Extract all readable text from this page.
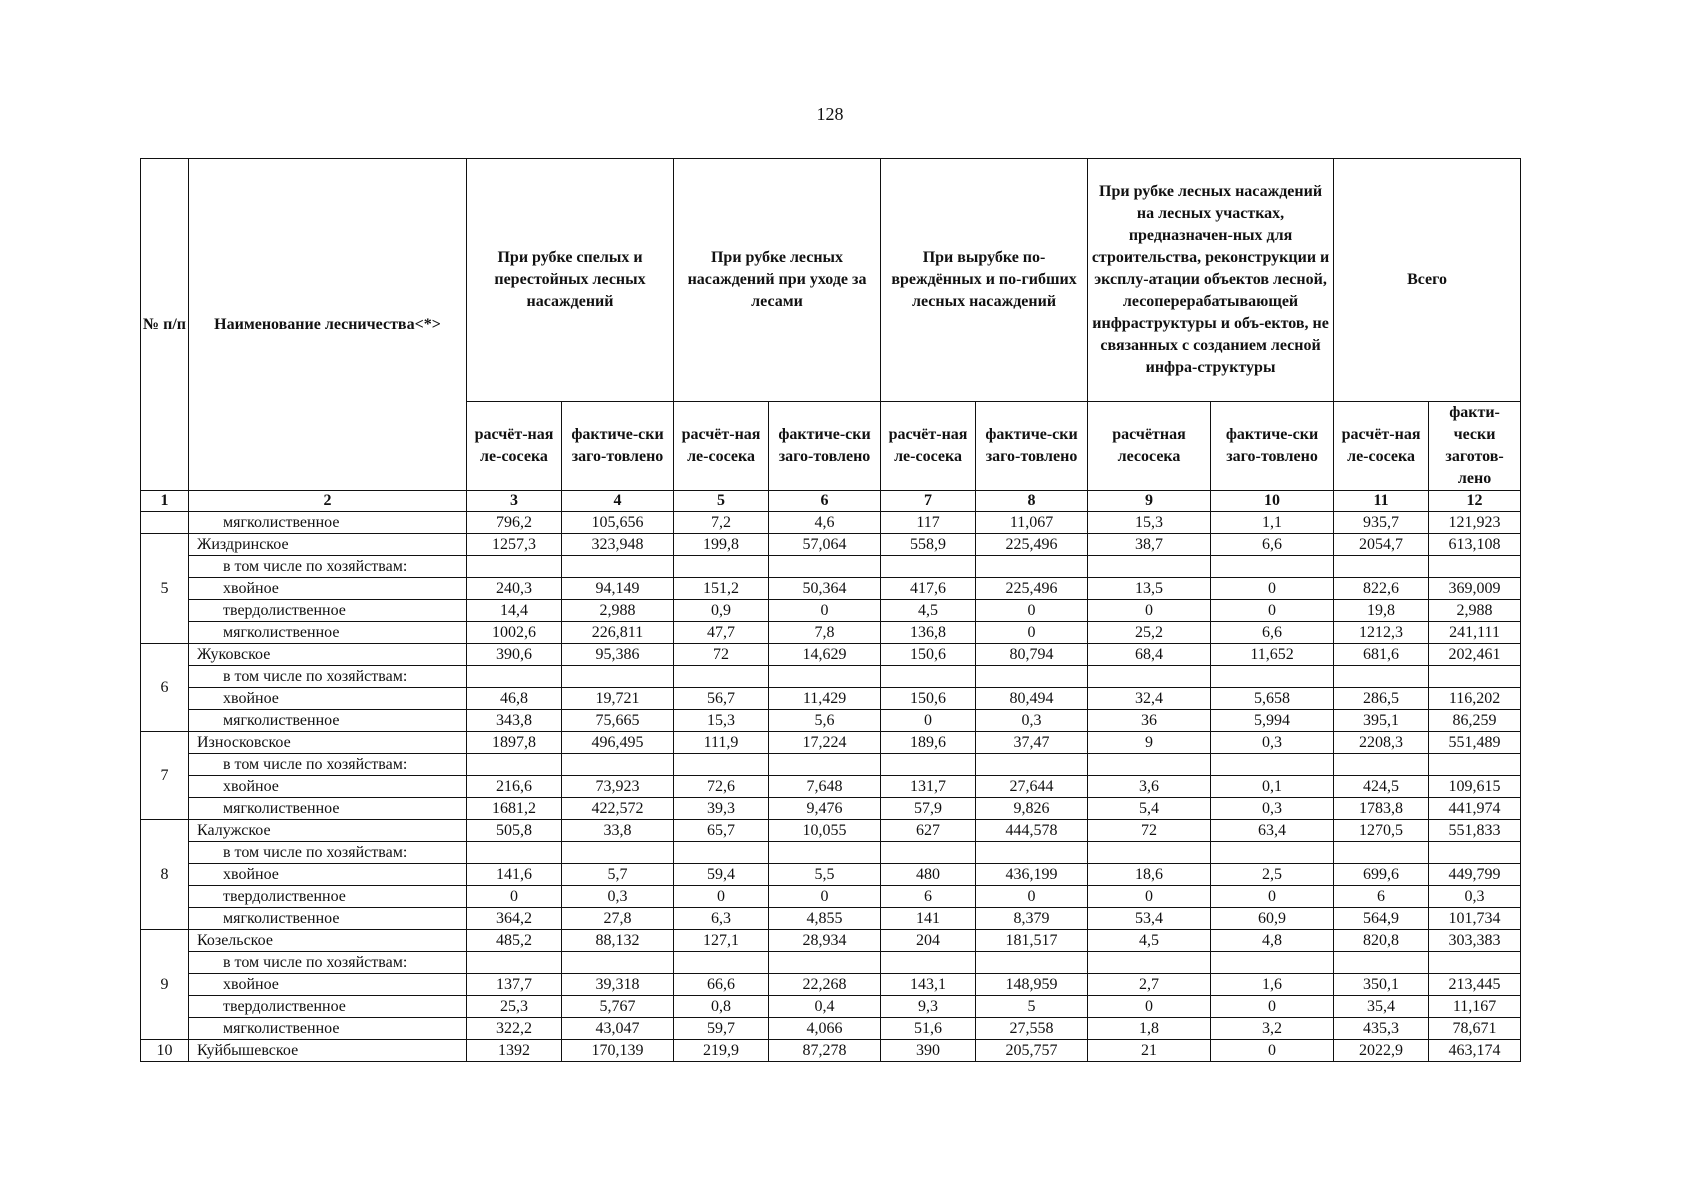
128
№ п/п	Наименование лесничества<*>	При рубке спелых и перестойных лесных насаждений		При рубке лесных насаждений при уходе за лесами		При вырубке по-вреждённых и по-гибших лесных насаждений		При рубке лесных насаждений на лесных участках, предназначен-ных для строительства, реконструкции и эксплу-атации объектов лесной, лесоперерабатывающей инфраструктуры и объ-ектов, не связанных с созданием лесной инфра-структуры		Всего	
		расчёт-ная ле-сосека	фактиче-ски заго-товлено	расчёт-ная ле-сосека	фактиче-ски заго-товлено	расчёт-ная ле-сосека	фактиче-ски заго-товлено	расчётная лесосека	фактиче-ски заго-товлено	расчёт-ная ле-сосека	факти-чески заготов-лено
1	2	3	4	5	6	7	8	9	10	11	12
	мягколиственное	796,2	105,656	7,2	4,6	117	11,067	15,3	1,1	935,7	121,923
5	Жиздринское	1257,3	323,948	199,8	57,064	558,9	225,496	38,7	6,6	2054,7	613,108
	в том числе по хозяйствам:										
	хвойное	240,3	94,149	151,2	50,364	417,6	225,496	13,5	0	822,6	369,009
	твердолиственное	14,4	2,988	0,9	0	4,5	0	0	0	19,8	2,988
	мягколиственное	1002,6	226,811	47,7	7,8	136,8	0	25,2	6,6	1212,3	241,111
6	Жуковское	390,6	95,386	72	14,629	150,6	80,794	68,4	11,652	681,6	202,461
	в том числе по хозяйствам:										
	хвойное	46,8	19,721	56,7	11,429	150,6	80,494	32,4	5,658	286,5	116,202
	мягколиственное	343,8	75,665	15,3	5,6	0	0,3	36	5,994	395,1	86,259
7	Износковское	1897,8	496,495	111,9	17,224	189,6	37,47	9	0,3	2208,3	551,489
	в том числе по хозяйствам:										
	хвойное	216,6	73,923	72,6	7,648	131,7	27,644	3,6	0,1	424,5	109,615
	мягколиственное	1681,2	422,572	39,3	9,476	57,9	9,826	5,4	0,3	1783,8	441,974
8	Калужское	505,8	33,8	65,7	10,055	627	444,578	72	63,4	1270,5	551,833
	в том числе по хозяйствам:										
	хвойное	141,6	5,7	59,4	5,5	480	436,199	18,6	2,5	699,6	449,799
	твердолиственное	0	0,3	0	0	6	0	0	0	6	0,3
	мягколиственное	364,2	27,8	6,3	4,855	141	8,379	53,4	60,9	564,9	101,734
9	Козельское	485,2	88,132	127,1	28,934	204	181,517	4,5	4,8	820,8	303,383
	в том числе по хозяйствам:										
	хвойное	137,7	39,318	66,6	22,268	143,1	148,959	2,7	1,6	350,1	213,445
	твердолиственное	25,3	5,767	0,8	0,4	9,3	5	0	0	35,4	11,167
	мягколиственное	322,2	43,047	59,7	4,066	51,6	27,558	1,8	3,2	435,3	78,671
10	Куйбышевское	1392	170,139	219,9	87,278	390	205,757	21	0	2022,9	463,174
